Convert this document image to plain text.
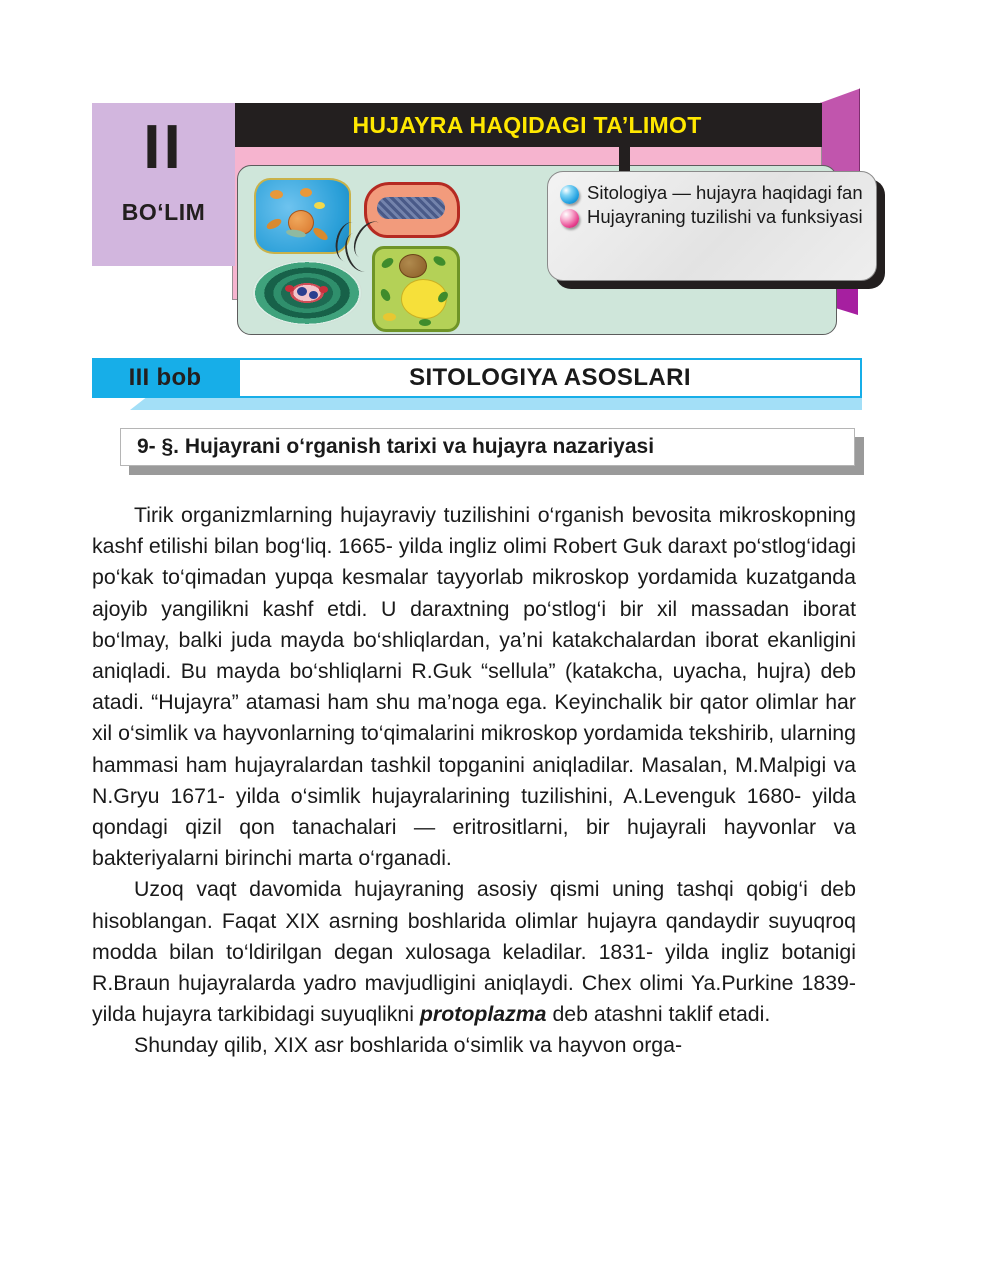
HUJAYRA HAQIDAGI TA’LIMOT
II
BO‘LIM
Sitologiya — hujayra haqidagi fan
Hujayraning tuzilishi va funksiyasi
III bob	SITOLOGIYA ASOSLARI
9- §. Hujayrani o‘rganish tarixi va hujayra nazariyasi

Tirik organizmlarning hujayraviy tuzilishini o‘rganish bevosita mikroskopning kashf etilishi bilan bog‘liq. 1665- yilda ingliz olimi Robert Guk daraxt po‘stlog‘idagi po‘kak to‘qimadan yupqa kesmalar tayyorlab mikroskop yordamida kuzatganda ajoyib yangilikni kashf etdi. U daraxtning po‘stlog‘i bir xil massadan iborat bo‘lmay, balki juda mayda bo‘shliqlardan, ya’ni katakchalardan iborat ekanligini aniqladi. Bu mayda bo‘shliqlarni R.Guk “sellula” (katakcha, uyacha, hujra) deb atadi. “Hujayra” atamasi ham shu ma’noga ega. Keyinchalik bir qator olimlar har xil o‘simlik va hayvonlarning to‘qimalarini mikroskop yordamida tekshirib, ularning hammasi ham hujayralardan tashkil topganini aniqladilar. Masalan, M.Malpigi va N.Gryu 1671- yilda o‘simlik hujayralarining tuzilishini, A.Levenguk 1680- yilda qondagi qizil qon tanachalari — eritrositlarni, bir hujayrali hayvonlar va bakteriyalarni birinchi marta o‘rganadi.

Uzoq vaqt davomida hujayraning asosiy qismi uning tashqi qobig‘i deb hisoblangan. Faqat XIX asrning boshlarida olimlar hujayra qandaydir suyuqroq modda bilan to‘ldirilgan degan xulosaga keladilar. 1831- yilda ingliz botanigi R.Braun hujayralarda yadro mavjudligini aniqlaydi. Chex olimi Ya.Purkine 1839- yilda hujayra tarkibidagi suyuqlikni protoplazma deb atashni taklif etadi.

Shunday qilib, XIX asr boshlarida o‘simlik va hayvon orga-
